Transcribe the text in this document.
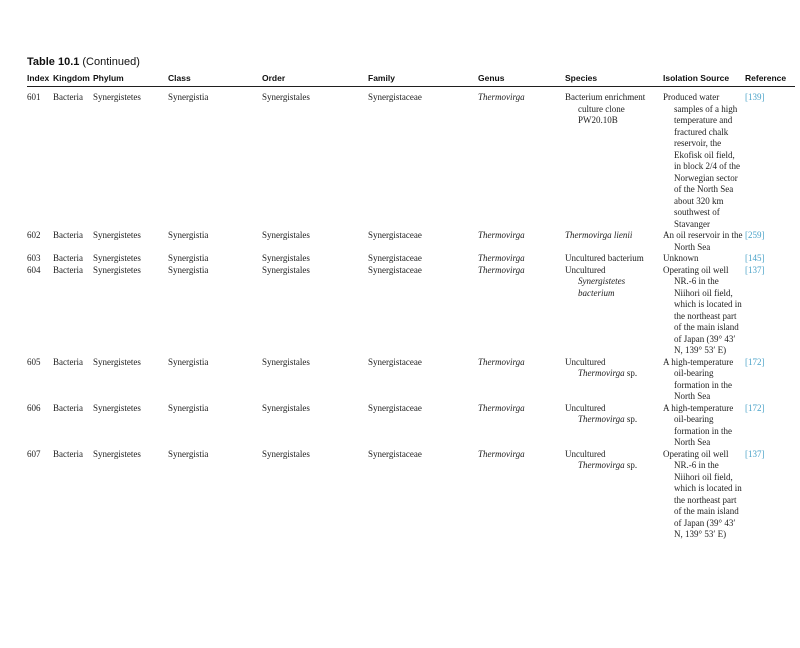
Table 10.1 (Continued)
Index	Kingdom	Phylum	Class	Order	Family	Genus	Species	Isolation Source	Reference
601	Bacteria	Synergistetes	Synergistia	Synergistales	Synergistaceae	Thermovirga	Bacterium enrichment culture clone PW20.10B	Produced water samples of a high temperature and fractured chalk reservoir, the Ekofisk oil field, in block 2/4 of the Norwegian sector of the North Sea about 320 km southwest of Stavanger	[139]
602	Bacteria	Synergistetes	Synergistia	Synergistales	Synergistaceae	Thermovirga	Thermovirga lienii	An oil reservoir in the North Sea	[259]
603	Bacteria	Synergistetes	Synergistia	Synergistales	Synergistaceae	Thermovirga	Uncultured bacterium	Unknown	[145]
604	Bacteria	Synergistetes	Synergistia	Synergistales	Synergistaceae	Thermovirga	Uncultured Synergistetes bacterium	Operating oil well NR.-6 in the Niihori oil field, which is located in the northeast part of the main island of Japan (39° 43′ N, 139° 53′ E)	[137]
605	Bacteria	Synergistetes	Synergistia	Synergistales	Synergistaceae	Thermovirga	Uncultured Thermovirga sp.	A high-temperature oil-bearing formation in the North Sea	[172]
606	Bacteria	Synergistetes	Synergistia	Synergistales	Synergistaceae	Thermovirga	Uncultured Thermovirga sp.	A high-temperature oil-bearing formation in the North Sea	[172]
607	Bacteria	Synergistetes	Synergistia	Synergistales	Synergistaceae	Thermovirga	Uncultured Thermovirga sp.	Operating oil well NR.-6 in the Niihori oil field, which is located in the northeast part of the main island of Japan (39° 43′ N, 139° 53′ E)	[137]
